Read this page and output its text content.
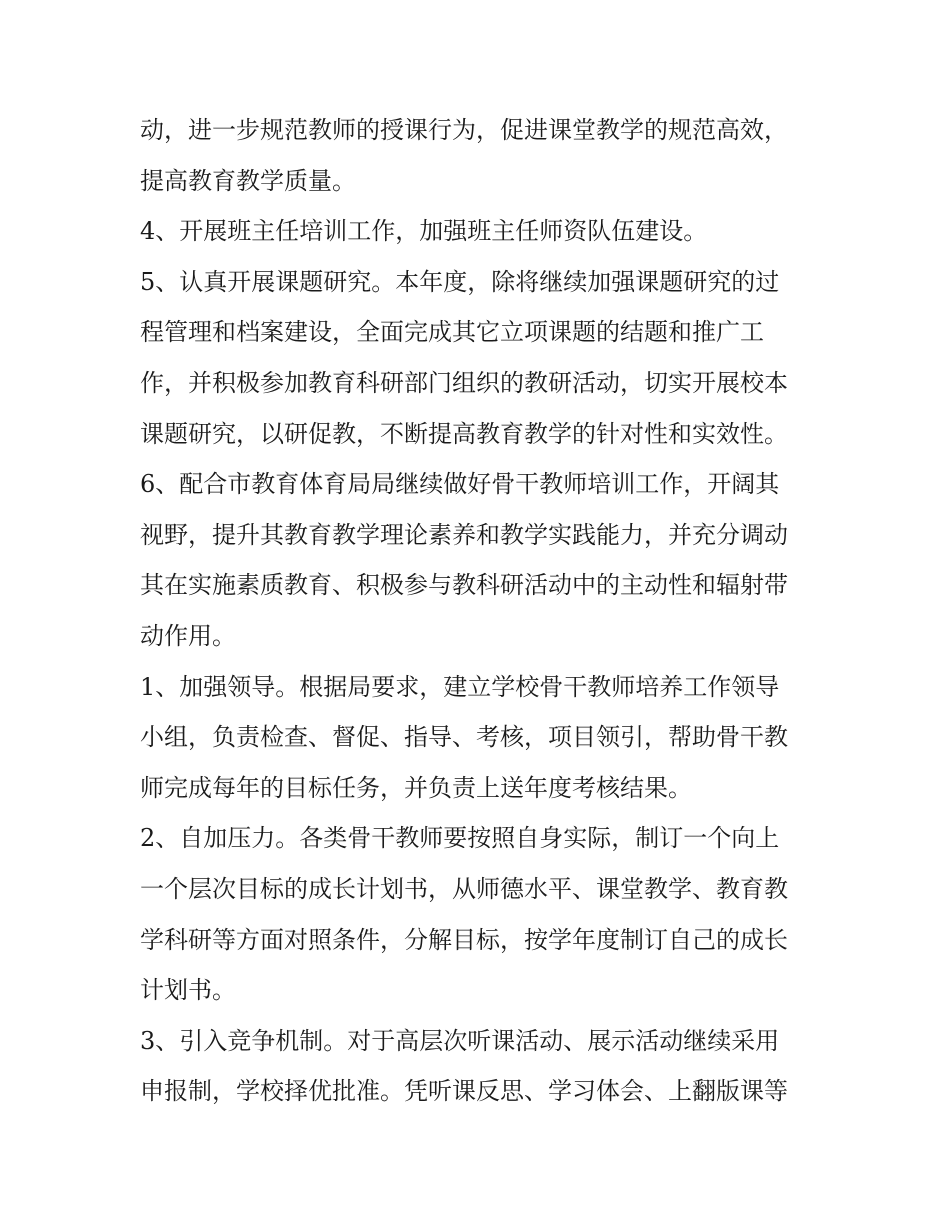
动，进一步规范教师的授课行为，促进课堂教学的规范高效，
提高教育教学质量。
4、开展班主任培训工作，加强班主任师资队伍建设。
5、认真开展课题研究。本年度，除将继续加强课题研究的过
程管理和档案建设，全面完成其它立项课题的结题和推广工
作，并积极参加教育科研部门组织的教研活动，切实开展校本
课题研究，以研促教，不断提高教育教学的针对性和实效性。
6、配合市教育体育局局继续做好骨干教师培训工作，开阔其
视野，提升其教育教学理论素养和教学实践能力，并充分调动
其在实施素质教育、积极参与教科研活动中的主动性和辐射带
动作用。
1、加强领导。根据局要求，建立学校骨干教师培养工作领导
小组，负责检查、督促、指导、考核，项目领引，帮助骨干教
师完成每年的目标任务，并负责上送年度考核结果。
2、自加压力。各类骨干教师要按照自身实际，制订一个向上
一个层次目标的成长计划书，从师德水平、课堂教学、教育教
学科研等方面对照条件，分解目标，按学年度制订自己的成长
计划书。
3、引入竞争机制。对于高层次听课活动、展示活动继续采用
申报制，学校择优批准。凭听课反思、学习体会、上翻版课等
